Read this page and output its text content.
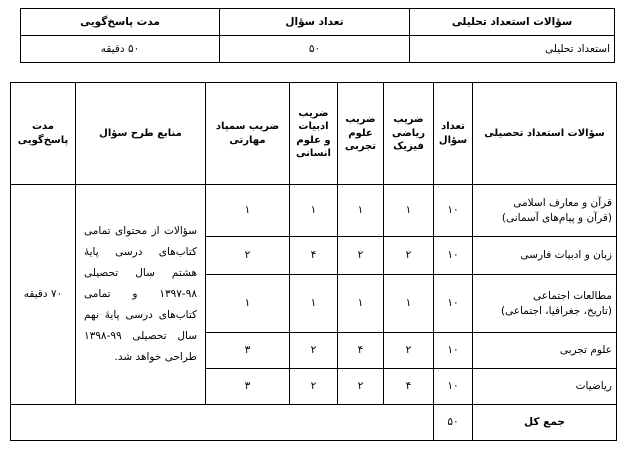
سؤالات استعداد تحلیلی	تعداد سؤال	مدت پاسخ‌گویی
استعداد تحلیلی	۵۰	۵۰ دقیقه
سؤالات استعداد تحصیلی	تعداد سؤال	ضریب ریاضی فیزیک	ضریب علوم تجربی	ضریب ادبیات و علوم انسانی	ضریب سمپاد مهارتی	منابع طرح سؤال	مدت پاسخ‌گویی

قرآن و معارف اسلامی
(قرآن و پیام‌های آسمانی)	۱۰	۱	۱	۱	۱	سؤالات از محتوای تمامی کتاب‌های درسی پایهٔ هشتم سال تحصیلی ۹۸-۱۳۹۷ و تمامی کتاب‌های درسی پایهٔ نهم سال تحصیلی ۹۹-۱۳۹۸ طراحی خواهد شد.	۷۰ دقیقه

زبان و ادبیات فارسی	۱۰	۲	۲	۴	۲		

مطالعات اجتماعی
(تاریخ، جغرافیا، اجتماعی)	۱۰	۱	۱	۱	۱		

علوم تجربی	۱۰	۲	۴	۲	۳		

ریاضیات	۱۰	۴	۲	۲	۳		
جمع کل	۵۰						
